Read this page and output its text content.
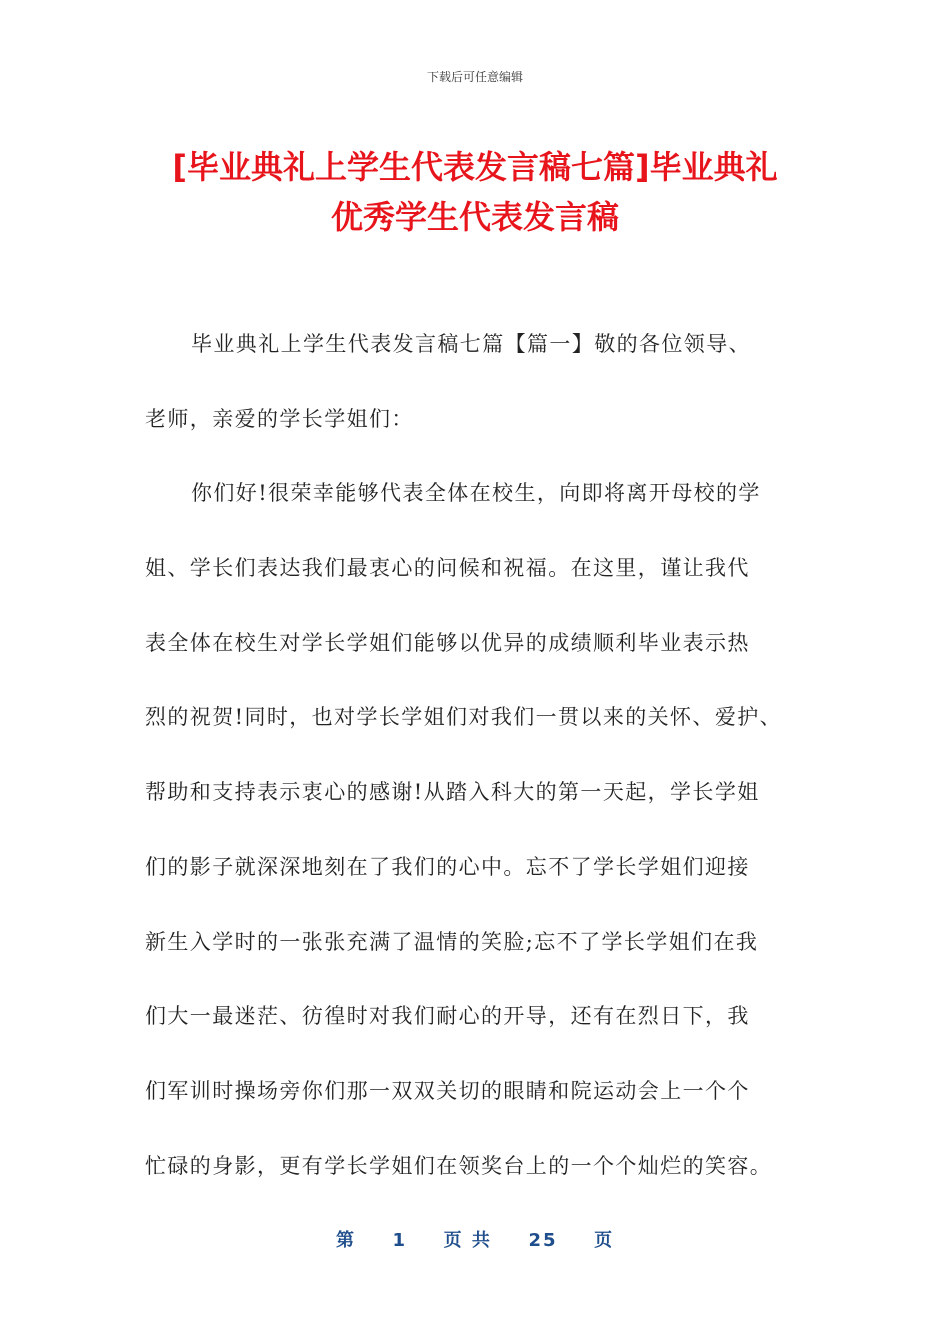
下载后可任意编辑
[毕业典礼上学生代表发言稿七篇]毕业典礼
优秀学生代表发言稿
毕业典礼上学生代表发言稿七篇【篇一】敬的各位领导、
老师，亲爱的学长学姐们：
你们好!很荣幸能够代表全体在校生，向即将离开母校的学
姐、学长们表达我们最衷心的问候和祝福。在这里，谨让我代
表全体在校生对学长学姐们能够以优异的成绩顺利毕业表示热
烈的祝贺!同时，也对学长学姐们对我们一贯以来的关怀、爱护、
帮助和支持表示衷心的感谢!从踏入科大的第一天起，学长学姐
们的影子就深深地刻在了我们的心中。忘不了学长学姐们迎接
新生入学时的一张张充满了温情的笑脸;忘不了学长学姐们在我
们大一最迷茫、彷徨时对我们耐心的开导，还有在烈日下，我
们军训时操场旁你们那一双双关切的眼睛和院运动会上一个个
忙碌的身影，更有学长学姐们在领奖台上的一个个灿烂的笑容。
第 1 页 共 25 页
